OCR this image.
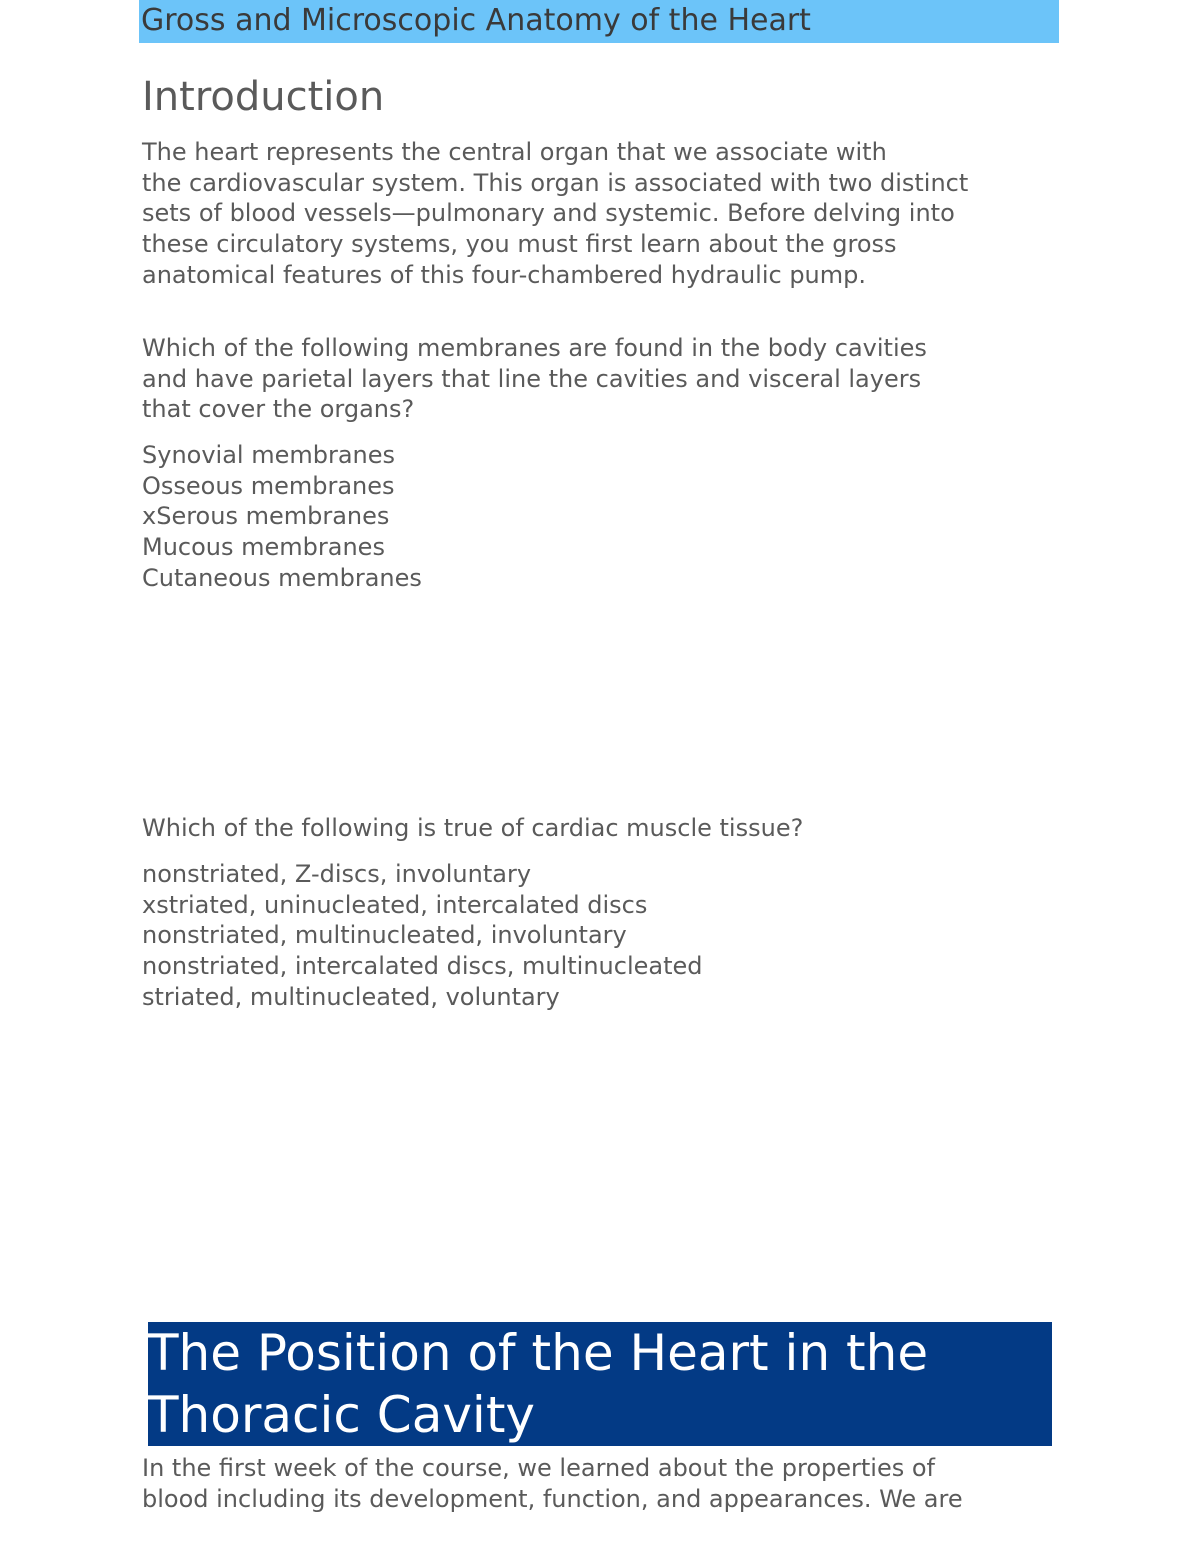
Gross and Microscopic Anatomy of the Heart
Introduction
The heart represents the central organ that we associate with
the cardiovascular system. This organ is associated with two distinct
sets of blood vessels—pulmonary and systemic. Before delving into
these circulatory systems, you must first learn about the gross
anatomical features of this four-chambered hydraulic pump.
Which of the following membranes are found in the body cavities
and have parietal layers that line the cavities and visceral layers
that cover the organs?
Synovial membranes
Osseous membranes
xSerous membranes
Mucous membranes
Cutaneous membranes
Which of the following is true of cardiac muscle tissue?
nonstriated, Z-discs, involuntary
xstriated, uninucleated, intercalated discs
nonstriated, multinucleated, involuntary
nonstriated, intercalated discs, multinucleated
striated, multinucleated, voluntary
The Position of the Heart in the
Thoracic Cavity
In the first week of the course, we learned about the properties of
blood including its development, function, and appearances. We are
